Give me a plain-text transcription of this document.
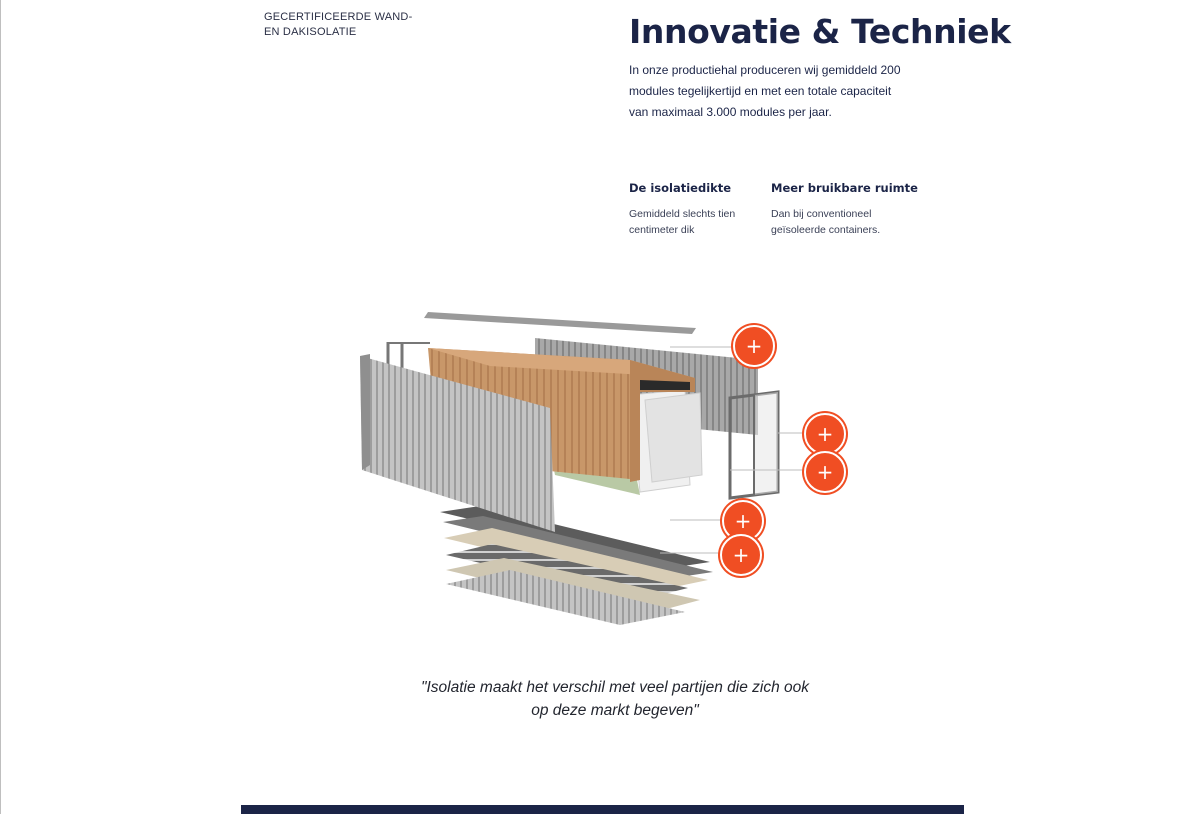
GECERTIFICEERDE WAND-
EN DAKISOLATIE	Innovatie & Techniek

In onze productiehal produceren wij gemiddeld 200 modules tegelijkertijd en met een totale capaciteit van maximaal 3.000 modules per jaar.

De isolatiedikte

Gemiddeld slechts tien centimeter dik

Meer bruikbare ruimte

Dan bij conventioneel geïsoleerde containers.

+
+
+
+
+

"Isolatie maakt het verschil met veel partijen die zich ook
op deze markt begeven"
